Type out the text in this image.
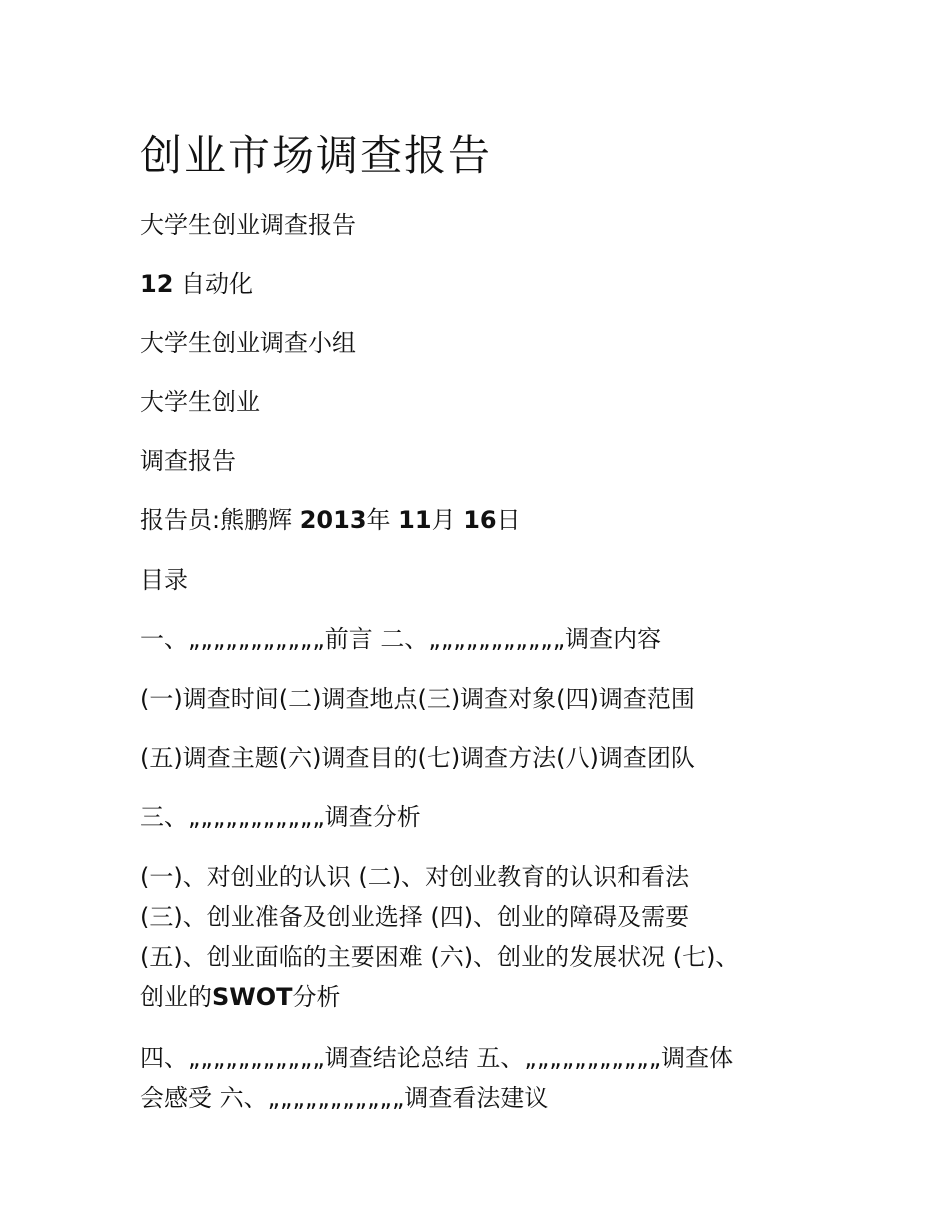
创业市场调查报告
大学生创业调查报告
12 自动化
大学生创业调查小组
大学生创业
调查报告
报告员:熊鹏辉 2013年 11月 16日
目录
一、„„„„„„„„„„„前言 二、„„„„„„„„„„„调查内容
(一)调查时间(二)调查地点(三)调查对象(四)调查范围
(五)调查主题(六)调查目的(七)调查方法(八)调查团队
三、„„„„„„„„„„„调查分析
(一)、对创业的认识 (二)、对创业教育的认识和看法
(三)、创业准备及创业选择 (四)、创业的障碍及需要
(五)、创业面临的主要困难 (六)、创业的发展状况 (七)、
创业的SWOT分析
四、„„„„„„„„„„„调查结论总结 五、„„„„„„„„„„„调查体
会感受 六、„„„„„„„„„„„调查看法建议
